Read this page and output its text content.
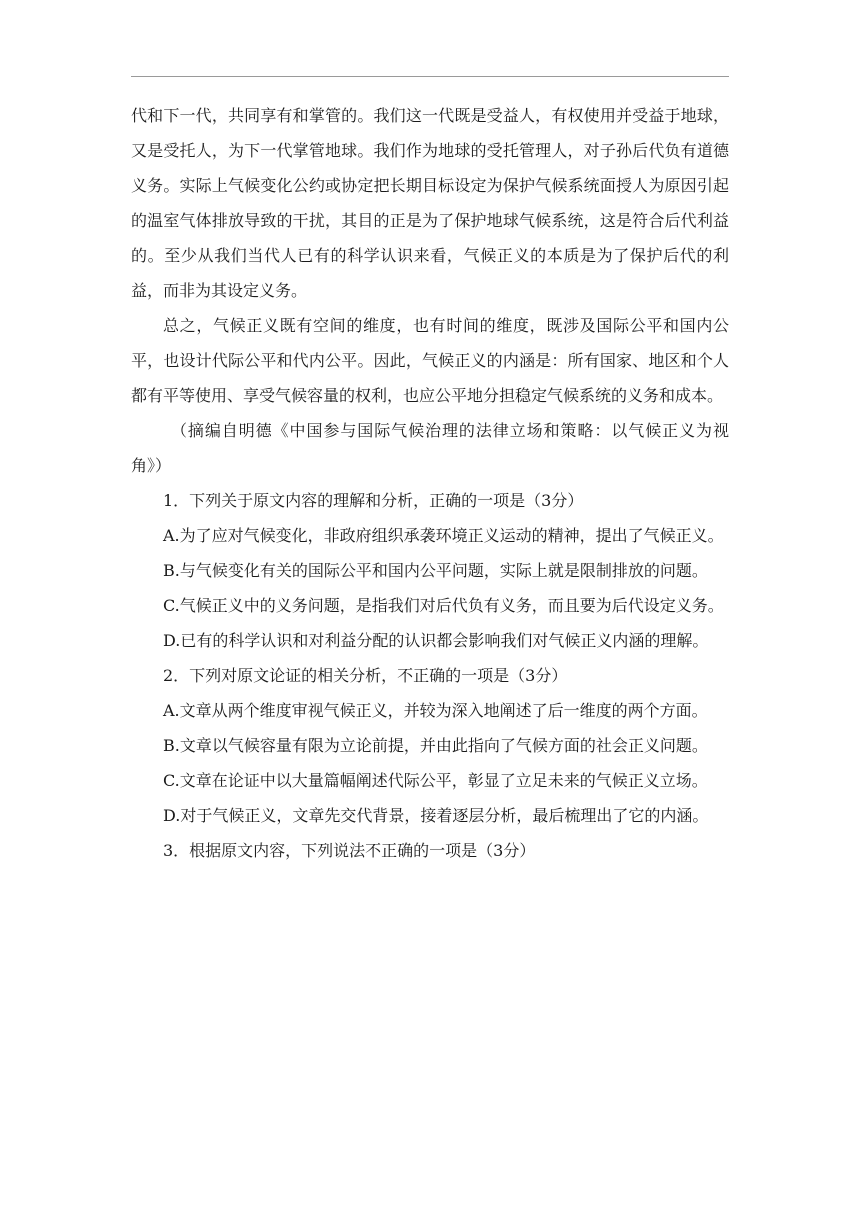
代和下一代，共同享有和掌管的。我们这一代既是受益人，有权使用并受益于地球，又是受托人，为下一代掌管地球。我们作为地球的受托管理人，对子孙后代负有道德义务。实际上气候变化公约或协定把长期目标设定为保护气候系统面授人为原因引起的温室气体排放导致的干扰，其目的正是为了保护地球气候系统，这是符合后代利益的。至少从我们当代人已有的科学认识来看，气候正义的本质是为了保护后代的利益，而非为其设定义务。

总之，气候正义既有空间的维度，也有时间的维度，既涉及国际公平和国内公平，也设计代际公平和代内公平。因此，气候正义的内涵是：所有国家、地区和个人都有平等使用、享受气候容量的权利，也应公平地分担稳定气候系统的义务和成本。

（摘编自明德《中国参与国际气候治理的法律立场和策略：以气候正义为视角》）

1．下列关于原文内容的理解和分析，正确的一项是（3分）

A.为了应对气候变化，非政府组织承袭环境正义运动的精神，提出了气候正义。

B.与气候变化有关的国际公平和国内公平问题，实际上就是限制排放的问题。

C.气候正义中的义务问题，是指我们对后代负有义务，而且要为后代设定义务。

D.已有的科学认识和对利益分配的认识都会影响我们对气候正义内涵的理解。

2．下列对原文论证的相关分析，不正确的一项是（3分）

A.文章从两个维度审视气候正义，并较为深入地阐述了后一维度的两个方面。

B.文章以气候容量有限为立论前提，并由此指向了气候方面的社会正义问题。

C.文章在论证中以大量篇幅阐述代际公平，彰显了立足未来的气候正义立场。

D.对于气候正义，文章先交代背景，接着逐层分析，最后梳理出了它的内涵。

3．根据原文内容，下列说法不正确的一项是（3分）
